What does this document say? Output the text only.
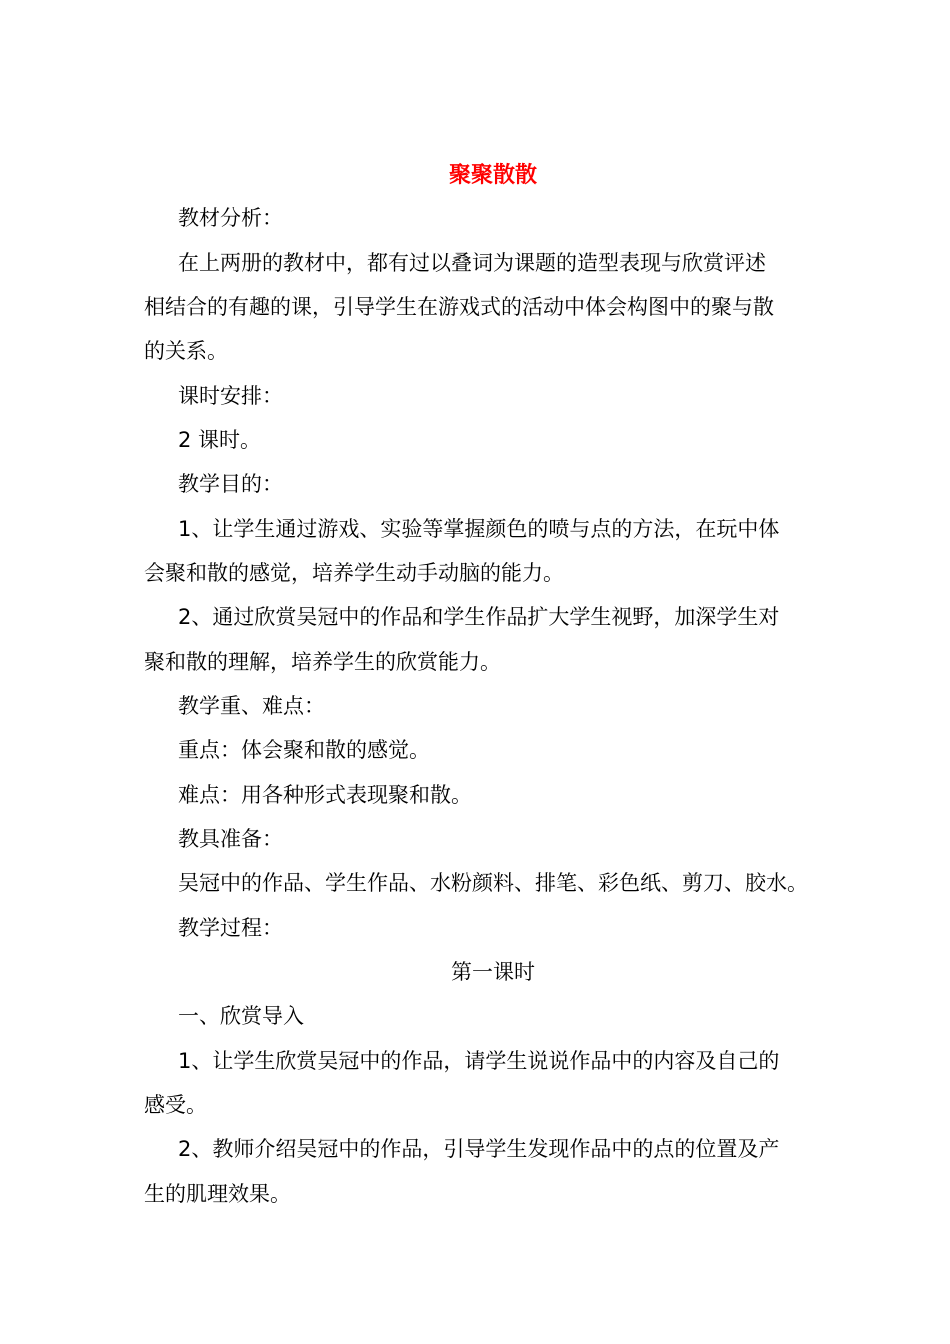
聚聚散散
教材分析：
在上两册的教材中，都有过以叠词为课题的造型表现与欣赏评述
相结合的有趣的课，引导学生在游戏式的活动中体会构图中的聚与散
的关系。
课时安排：
2 课时。
教学目的：
1、让学生通过游戏、实验等掌握颜色的喷与点的方法，在玩中体
会聚和散的感觉，培养学生动手动脑的能力。
2、通过欣赏吴冠中的作品和学生作品扩大学生视野，加深学生对
聚和散的理解，培养学生的欣赏能力。
教学重、难点：
重点：体会聚和散的感觉。
难点：用各种形式表现聚和散。
教具准备：
吴冠中的作品、学生作品、水粉颜料、排笔、彩色纸、剪刀、胶水。
教学过程：
第一课时
一、欣赏导入
1、让学生欣赏吴冠中的作品，请学生说说作品中的内容及自己的
感受。
2、教师介绍吴冠中的作品，引导学生发现作品中的点的位置及产
生的肌理效果。
